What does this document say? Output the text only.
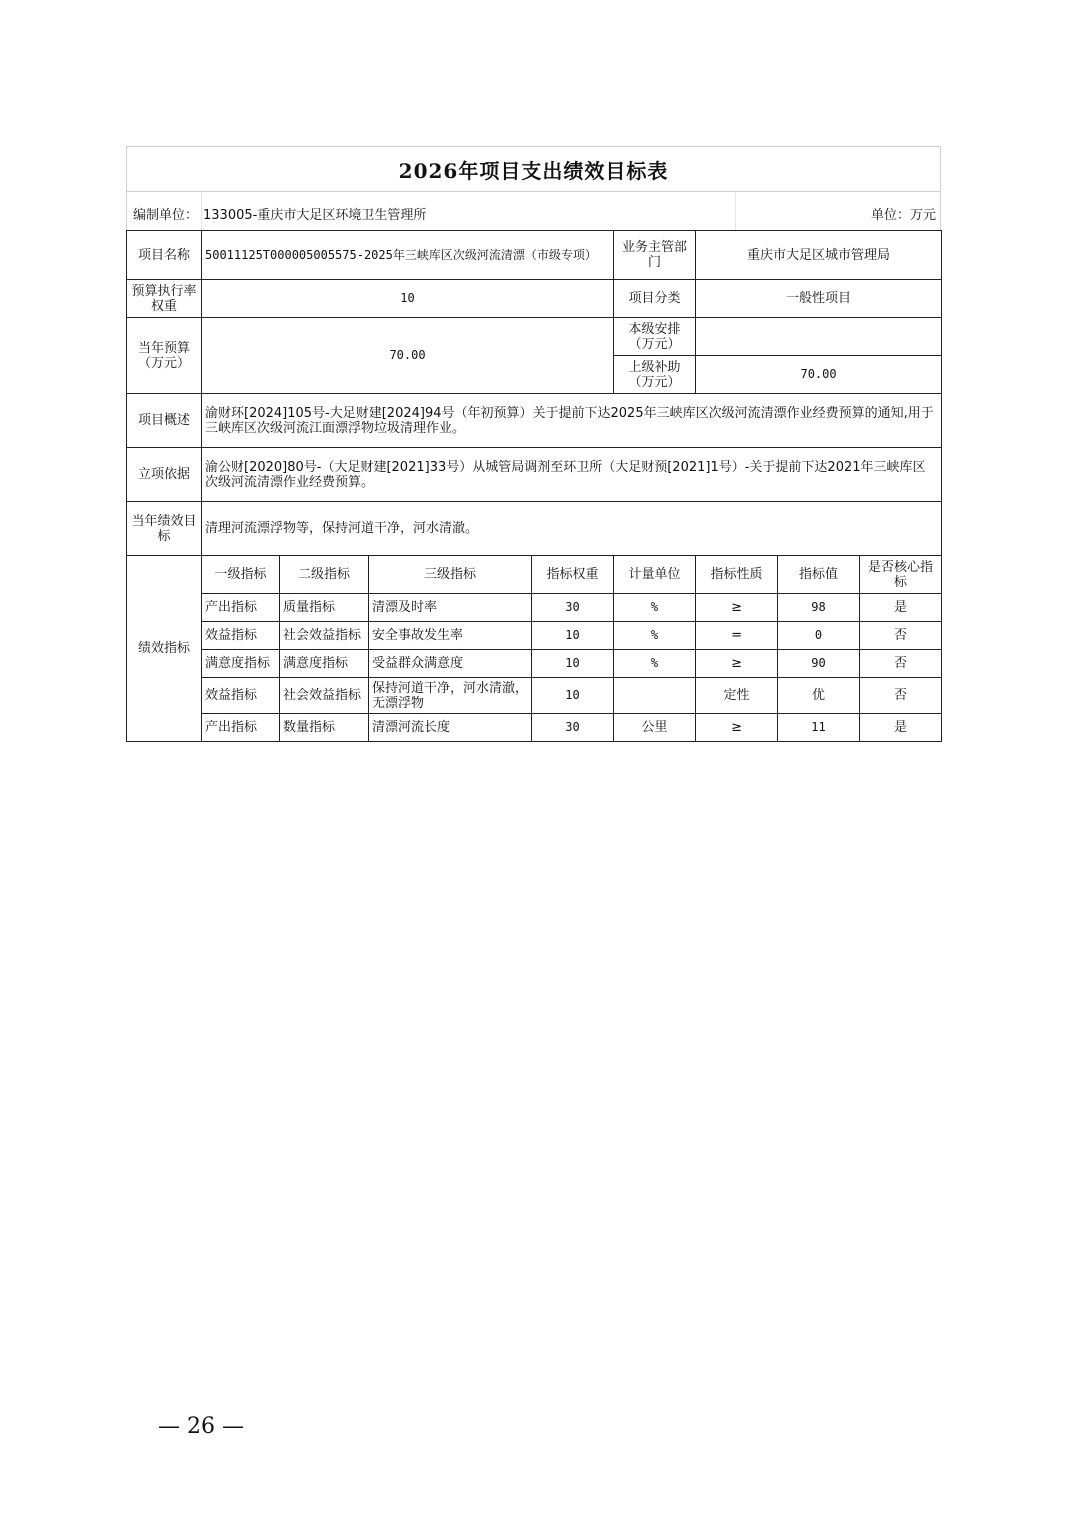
2026年项目支出绩效目标表
编制单位： 133005-重庆市大足区环境卫生管理所	单位：万元
项目名称	50011125T000005005575-2025年三峡库区次级河流清漂（市级专项）				业务主管部门	重庆市大足区城市管理局		
预算执行率权重	10				项目分类	一般性项目		
当年预算（万元）	70.00				本级安排（万元）			
					上级补助（万元）	70.00		
项目概述	渝财环[2024]105号-大足财建[2024]94号（年初预算）关于提前下达2025年三峡库区次级河流清漂作业经费预算的通知,用于三峡库区次级河流江面漂浮物垃圾清理作业。							
立项依据	渝公财[2020]80号-（大足财建[2021]33号）从城管局调剂至环卫所（大足财预[2021]1号）-关于提前下达2021年三峡库区次级河流清漂作业经费预算。							
当年绩效目标	清理河流漂浮物等，保持河道干净，河水清澈。							
绩效指标	一级指标	二级指标	三级指标	指标权重	计量单位	指标性质	指标值	是否核心指标
	产出指标	质量指标	清漂及时率	30	%	≥	98	是
	效益指标	社会效益指标	安全事故发生率	10	%	=	0	否
	满意度指标	满意度指标	受益群众满意度	10	%	≥	90	否
	效益指标	社会效益指标	保持河道干净，河水清澈，无漂浮物	10		定性	优	否
	产出指标	数量指标	清漂河流长度	30	公里	≥	11	是
— 26 —
